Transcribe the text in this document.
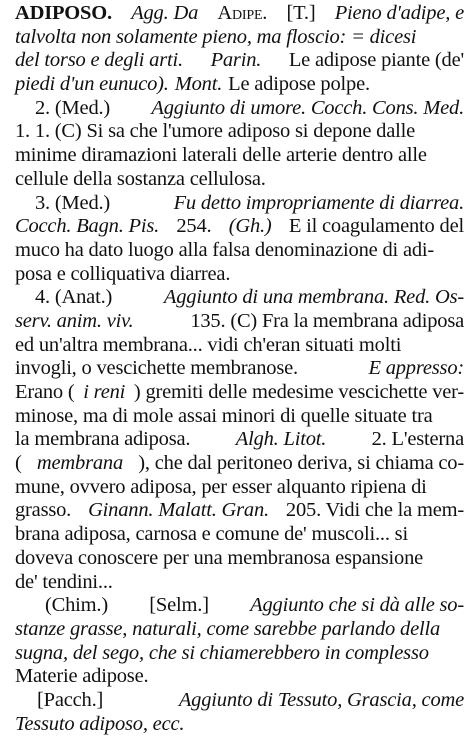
ADIPOSO. Agg. Da Adipe. [T.] Pieno d'adipe, e
talvolta non solamente pieno, ma floscio: = dicesi
del torso e degli arti. Parin. Le adipose piante (de'
piedi d'un eunuco). Mont. Le adipose polpe.
2. (Med.) Aggiunto di umore. Cocch. Cons. Med.
1. 1. (C) Si sa che l'umore adiposo si depone dalle
minime diramazioni laterali delle arterie dentro alle
cellule della sostanza cellulosa.
3. (Med.)	Fu detto impropriamente di diarrea.
Cocch. Bagn. Pis. 254. (Gh.) E il coagulamento del
muco ha dato luogo alla falsa denominazione di adi-
posa e colliquativa diarrea.
4. (Anat.)	Aggiunto di una membrana. Red. Os-
serv. anim. viv.	135. (C) Fra la membrana adiposa
ed un'altra membrana... vidi ch'eran situati molti
invogli, o vescichette membranose.	E appresso:
Erano ( i reni ) gremiti delle medesime vescichette ver-
minose, ma di mole assai minori di quelle situate tra
la membrana adiposa. Algh. Litot. 2. L'esterna
( membrana ), che dal peritoneo deriva, si chiama co-
mune, ovvero adiposa, per esser alquanto ripiena di
grasso. Ginann. Malatt. Gran. 205. Vidi che la mem-
brana adiposa, carnosa e comune de' muscoli... si
doveva conoscere per una membranosa espansione
de' tendini...
(Chim.) [Selm.] Aggiunto che si dà alle so-
stanze grasse, naturali, come sarebbe parlando della
sugna, del sego, che si chiamerebbero in complesso
Materie adipose.
[Pacch.]	Aggiunto di Tessuto, Grascia, come
Tessuto adiposo, ecc.
